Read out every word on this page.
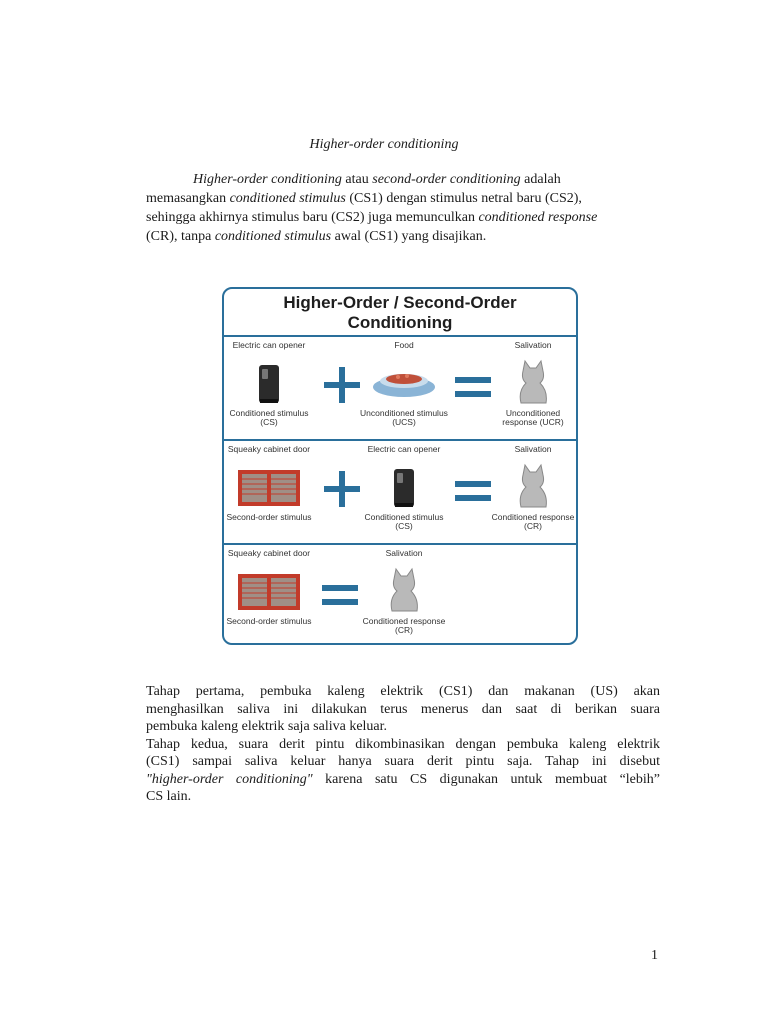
Higher-order conditioning
Higher-order conditioning atau second-order conditioning adalah
memasangkan conditioned stimulus (CS1) dengan stimulus netral baru (CS2),
sehingga akhirnya stimulus baru (CS2) juga memunculkan conditioned response
(CR), tanpa conditioned stimulus awal (CS1) yang disajikan.
Higher-Order / Second-Order
Conditioning
Electric can opener
Conditioned stimulus (CS)
Food
Unconditioned stimulus (UCS)
Salivation
Unconditioned response (UCR)
Squeaky cabinet door
Second-order stimulus
Electric can opener
Conditioned stimulus (CS)
Salivation
Conditioned response (CR)
Squeaky cabinet door
Second-order stimulus
Salivation
Conditioned response (CR)
Tahap pertama, pembuka kaleng elektrik (CS1) dan makanan (US) akan
menghasilkan saliva ini dilakukan terus menerus dan saat di berikan suara
pembuka kaleng elektrik saja saliva keluar.
Tahap kedua, suara derit pintu dikombinasikan dengan pembuka kaleng elektrik
(CS1) sampai saliva keluar hanya suara derit pintu saja. Tahap ini disebut
"higher-order conditioning" karena satu CS digunakan untuk membuat “lebih”
CS lain.
1
